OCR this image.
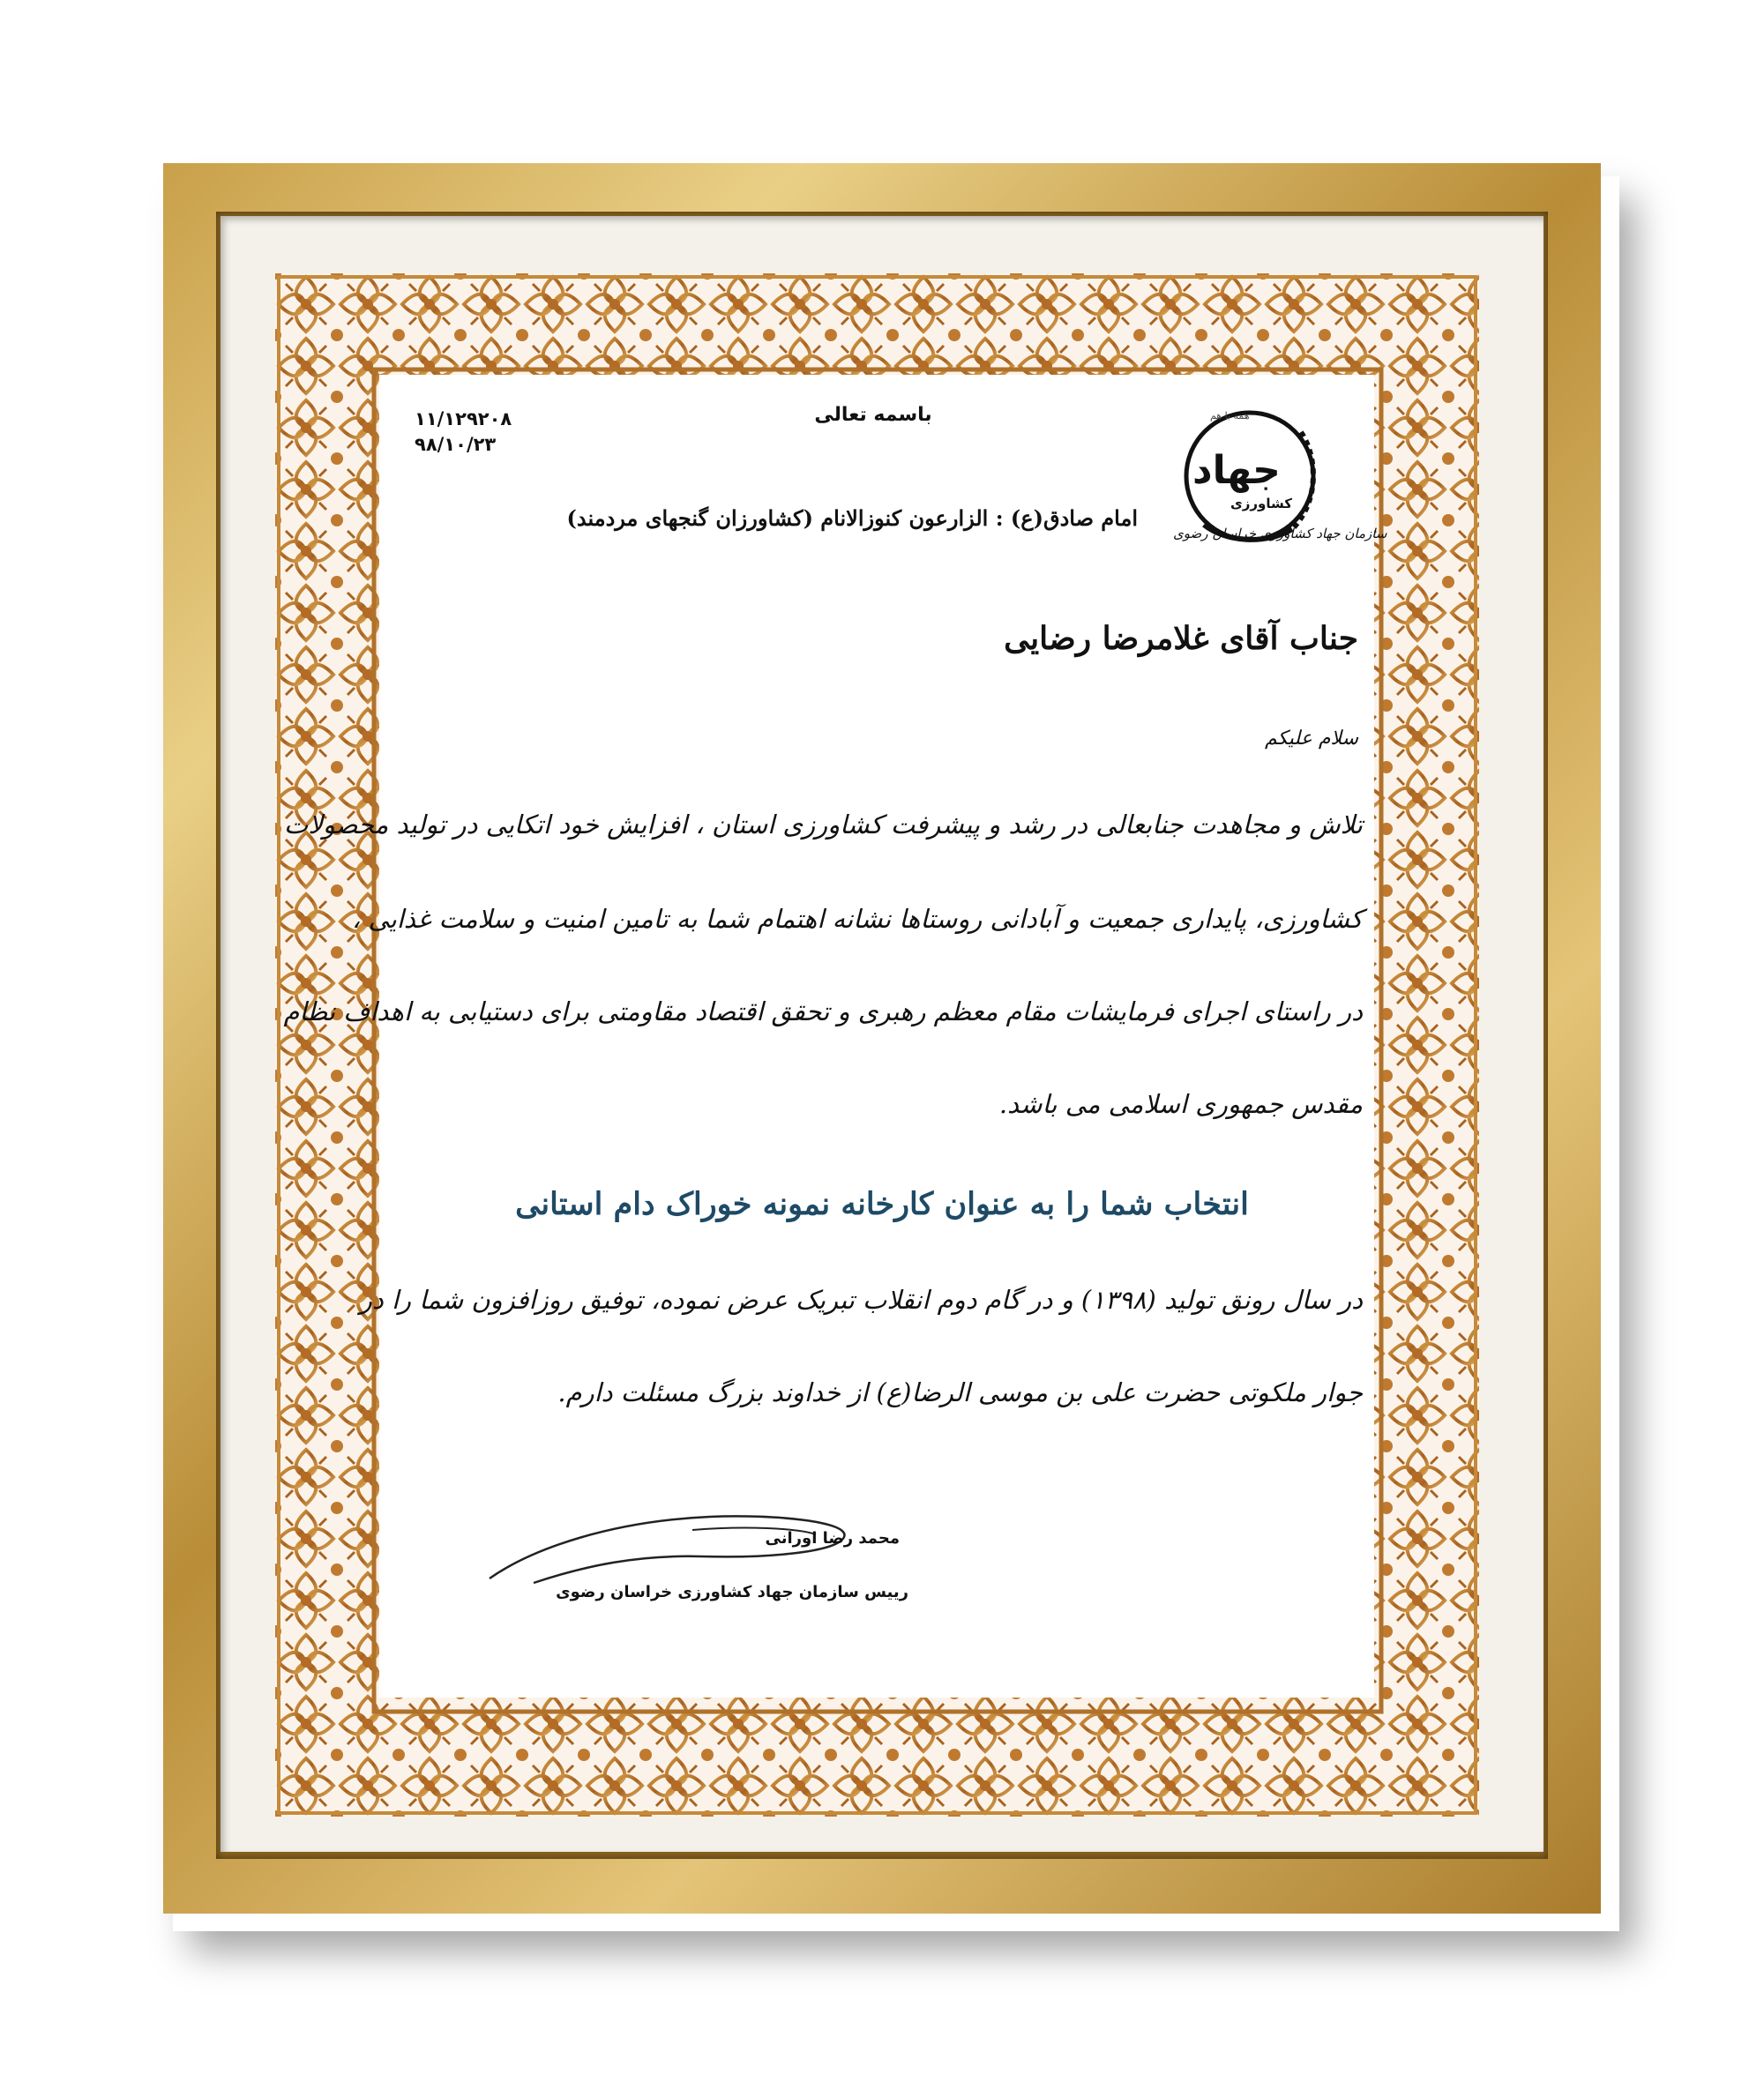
همه با هم
جهاد
کشاورزی
سازمان جهاد کشاورزی خراسان رضوی
باسمه تعالی
۱۱/۱۲۹۲۰۸
۹۸/۱۰/۲۳
امام صادق(ع) : الزارعون کنوزالانام (کشاورزان گنجهای مردمند)
جناب آقای غلامرضا رضایی
سلام علیکم
تلاش و مجاهدت جنابعالی در رشد و پیشرفت کشاورزی استان ، افزایش خود اتکایی در تولید محصولات
کشاورزی، پایداری جمعیت و آبادانی روستاها نشانه اهتمام شما به تامین امنیت و سلامت غذایی ،
در راستای اجرای فرمایشات مقام معظم رهبری و تحقق اقتصاد مقاومتی برای دستیابی به اهداف نظام
مقدس جمهوری اسلامی می باشد.
انتخاب شما را به عنوان کارخانه نمونه خوراک دام استانی
در سال رونق تولید (۱۳۹۸) و در گام دوم انقلاب تبریک عرض نموده، توفیق روزافزون شما را در
جوار ملکوتی حضرت علی بن موسی الرضا(ع) از خداوند بزرگ مسئلت دارم.
محمد رضا اورانی
رییس سازمان جهاد کشاورزی خراسان رضوی
